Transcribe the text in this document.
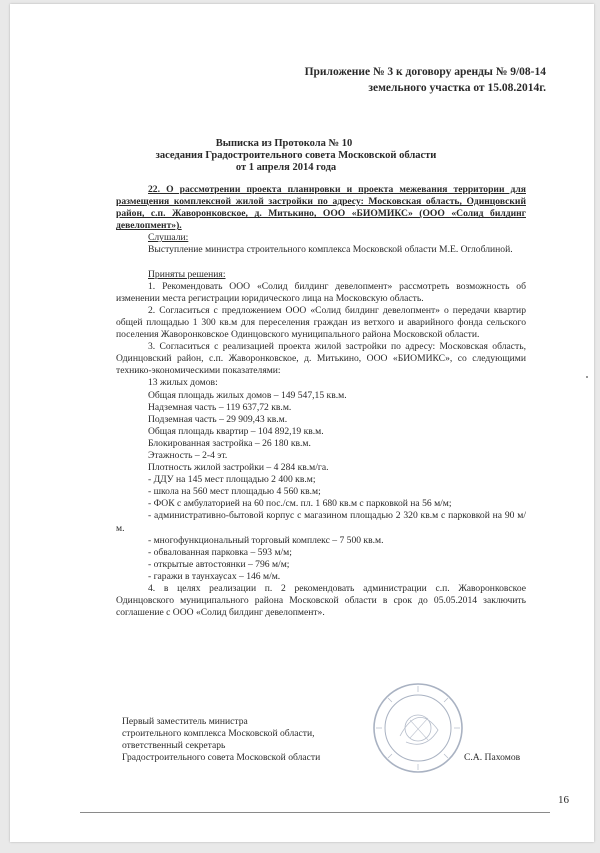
Приложение № 3 к договору аренды № 9/08-14
земельного участка от 15.08.2014г.
Выписка из Протокола № 10
заседания Градостроительного совета Московской области
от 1 апреля 2014 года

22. О рассмотрении проекта планировки и проекта межевания территории для размещения комплексной жилой застройки по адресу: Московская область, Одинцовский район, с.п. Жаворонковское, д. Митькино, ООО «БИОМИКС» (ООО «Солид билдинг девелопмент»).

Слушали:

Выступление министра строительного комплекса Московской области М.Е. Оглоблиной.

Приняты решения:

1. Рекомендовать ООО «Солид билдинг девелопмент» рассмотреть возможность об изменении места регистрации юридического лица на Московскую область.

2. Согласиться с предложением ООО «Солид билдинг девелопмент» о передачи квартир общей площадью 1 300 кв.м для переселения граждан из ветхого и аварийного фонда сельского поселения Жаворонковское Одинцовского муниципального района Московской области.

3. Согласиться с реализацией проекта жилой застройки по адресу: Московская область, Одинцовский район, с.п. Жаворонковское, д. Митькино, ООО «БИОМИКС», со следующими технико-экономическими показателями:

13 жилых домов:

Общая площадь жилых домов – 149 547,15 кв.м.

Надземная часть – 119 637,72 кв.м.

Подземная часть – 29 909,43 кв.м.

Общая площадь квартир – 104 892,19 кв.м.

Блокированная застройка – 26 180 кв.м.

Этажность – 2-4 эт.

Плотность жилой застройки – 4 284 кв.м/га.

- ДДУ на 145 мест площадью 2 400 кв.м;

- школа на 560 мест площадью 4 560 кв.м;

- ФОК с амбулаторией на 60 пос./см. пл. 1 680 кв.м с парковкой на 56 м/м;

- административно-бытовой корпус с магазином площадью 2 320 кв.м с парковкой на 90 м/м.

- многофункциональный торговый комплекс – 7 500 кв.м.

- обвалованная парковка – 593 м/м;

- открытые автостоянки – 796 м/м;

- гаражи в таунхаусах – 146 м/м.

4. в целях реализации п. 2 рекомендовать администрации с.п. Жаворонковское Одинцовского муниципального района Московской области в срок до 05.05.2014 заключить соглашение с ООО «Солид билдинг девелопмент».

Первый заместитель министра

строительного комплекса Московской области,

ответственный секретарь

Градостроительного совета Московской области	С.А. Пахомов
16
